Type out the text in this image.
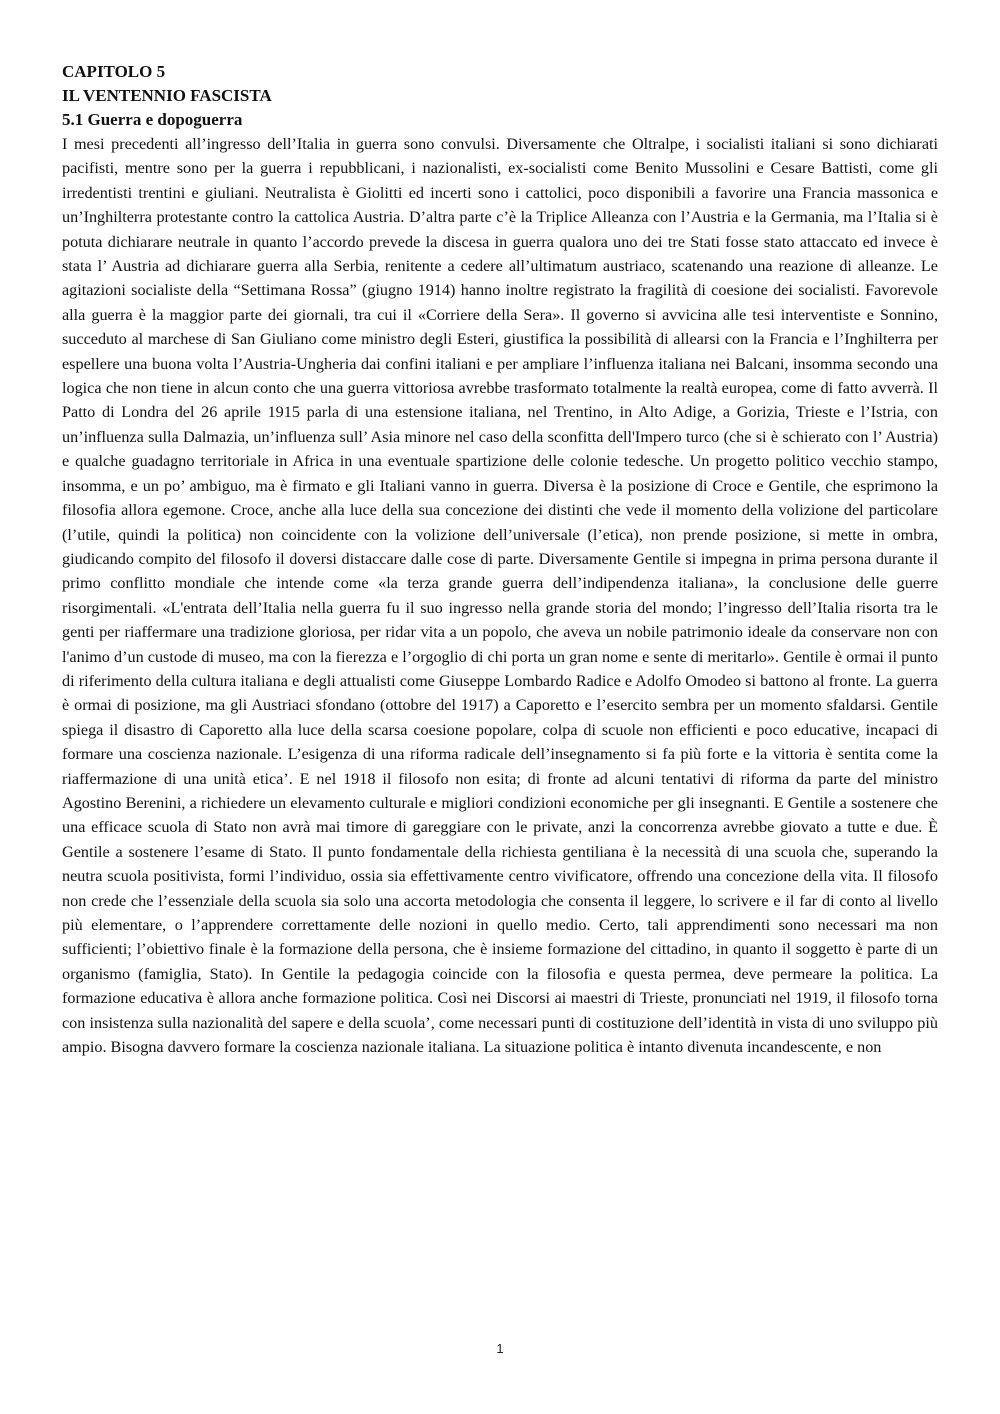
CAPITOLO 5
IL VENTENNIO FASCISTA
5.1 Guerra e dopoguerra

I mesi precedenti all’ingresso dell’Italia in guerra sono convulsi. Diversamente che Oltralpe, i socialisti italiani si sono dichiarati pacifisti, mentre sono per la guerra i repubblicani, i nazionalisti, ex-socialisti come Benito Mussolini e Cesare Battisti, come gli irredentisti trentini e giuliani. Neutralista è Giolitti ed incerti sono i cattolici, poco disponibili a favorire una Francia massonica e un’Inghilterra protestante contro la cattolica Austria. D’altra parte c’è la Triplice Alleanza con l’Austria e la Germania, ma l’Italia si è potuta dichiarare neutrale in quanto l’accordo prevede la discesa in guerra qualora uno dei tre Stati fosse stato attaccato ed invece è stata l’ Austria ad dichiarare guerra alla Serbia, renitente a cedere all’ultimatum austriaco, scatenando una reazione di alleanze. Le agitazioni socialiste della “Settimana Rossa” (giugno 1914) hanno inoltre registrato la fragilità di coesione dei socialisti. Favorevole alla guerra è la maggior parte dei giornali, tra cui il «Corriere della Sera». Il governo si avvicina alle tesi interventiste e Sonnino, succeduto al marchese di San Giuliano come ministro degli Esteri, giustifica la possibilità di allearsi con la Francia e l’Inghilterra per espellere una buona volta l’Austria-Ungheria dai confini italiani e per ampliare l’influenza italiana nei Balcani, insomma secondo una logica che non tiene in alcun conto che una guerra vittoriosa avrebbe trasformato totalmente la realtà europea, come di fatto avverrà. Il Patto di Londra del 26 aprile 1915 parla di una estensione italiana, nel Trentino, in Alto Adige, a Gorizia, Trieste e l’Istria, con un’influenza sulla Dalmazia, un’influenza sull’ Asia minore nel caso della sconfitta dell'Impero turco (che si è schierato con l’ Austria) e qualche guadagno territoriale in Africa in una eventuale spartizione delle colonie tedesche. Un progetto politico vecchio stampo, insomma, e un po’ ambiguo, ma è firmato e gli Italiani vanno in guerra. Diversa è la posizione di Croce e Gentile, che esprimono la filosofia allora egemone. Croce, anche alla luce della sua concezione dei distinti che vede il momento della volizione del particolare (l’utile, quindi la politica) non coincidente con la volizione dell’universale (l’etica), non prende posizione, si mette in ombra, giudicando compito del filosofo il doversi distaccare dalle cose di parte. Diversamente Gentile si impegna in prima persona durante il primo conflitto mondiale che intende come «la terza grande guerra dell’indipendenza italiana», la conclusione delle guerre risorgimentali. «L'entrata dell’Italia nella guerra fu il suo ingresso nella grande storia del mondo; l’ingresso dell’Italia risorta tra le genti per riaffermare una tradizione gloriosa, per ridar vita a un popolo, che aveva un nobile patrimonio ideale da conservare non con l'animo d’un custode di museo, ma con la fierezza e l’orgoglio di chi porta un gran nome e sente di meritarlo». Gentile è ormai il punto di riferimento della cultura italiana e degli attualisti come Giuseppe Lombardo Radice e Adolfo Omodeo si battono al fronte. La guerra è ormai di posizione, ma gli Austriaci sfondano (ottobre del 1917) a Caporetto e l’esercito sembra per un momento sfaldarsi. Gentile spiega il disastro di Caporetto alla luce della scarsa coesione popolare, colpa di scuole non efficienti e poco educative, incapaci di formare una coscienza nazionale. L’esigenza di una riforma radicale dell’insegnamento si fa più forte e la vittoria è sentita come la riaffermazione di una unità etica’. E nel 1918 il filosofo non esita; di fronte ad alcuni tentativi di riforma da parte del ministro Agostino Berenini, a richiedere un elevamento culturale e migliori condizioni economiche per gli insegnanti. E Gentile a sostenere che una efficace scuola di Stato non avrà mai timore di gareggiare con le private, anzi la concorrenza avrebbe giovato a tutte e due. È Gentile a sostenere l’esame di Stato. Il punto fondamentale della richiesta gentiliana è la necessità di una scuola che, superando la neutra scuola positivista, formi l’individuo, ossia sia effettivamente centro vivificatore, offrendo una concezione della vita. Il filosofo non crede che l’essenziale della scuola sia solo una accorta metodologia che consenta il leggere, lo scrivere e il far di conto al livello più elementare, o l’apprendere correttamente delle nozioni in quello medio. Certo, tali apprendimenti sono necessari ma non sufficienti; l’obiettivo finale è la formazione della persona, che è insieme formazione del cittadino, in quanto il soggetto è parte di un organismo (famiglia, Stato). In Gentile la pedagogia coincide con la filosofia e questa permea, deve permeare la politica. La formazione educativa è allora anche formazione politica. Così nei Discorsi ai maestri di Trieste, pronunciati nel 1919, il filosofo torna con insistenza sulla nazionalità del sapere e della scuola’, come necessari punti di costituzione dell’identità in vista di uno sviluppo più ampio. Bisogna davvero formare la coscienza nazionale italiana. La situazione politica è intanto divenuta incandescente, e non

1
